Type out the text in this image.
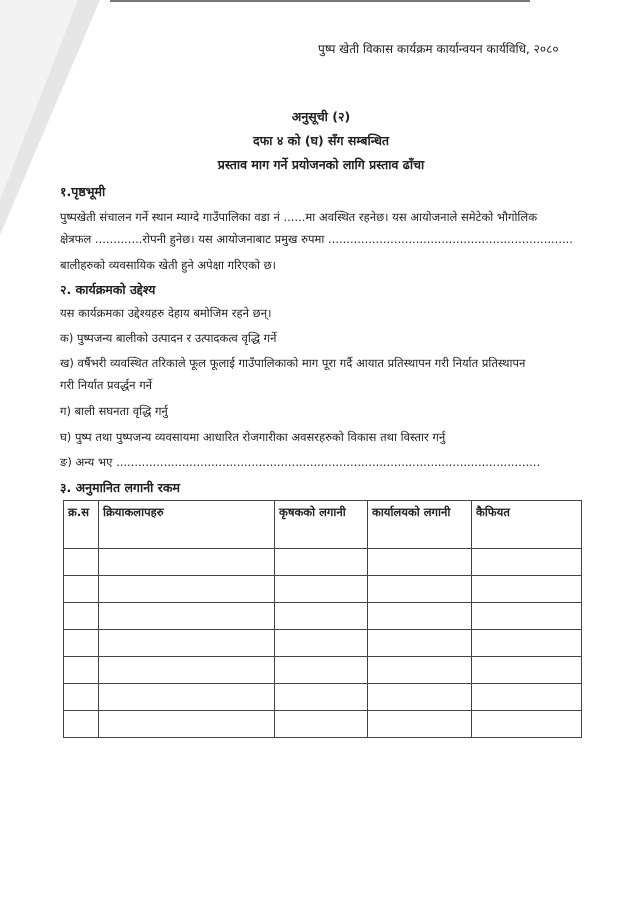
पुष्प खेती विकास कार्यक्रम कार्यान्वयन कार्यविधि, २०८०
अनुसूची (२)
दफा ४ को (घ) सँग सम्बन्धित
प्रस्ताव माग गर्ने प्रयोजनको लागि प्रस्ताव ढाँचा
१.पृष्ठभूमी
पुष्पखेती संचालन गर्ने स्थान म्याग्दे गाउँपालिका वडा नं ......मा अवस्थित रहनेछ। यस आयोजनाले समेटेको भौगोलिक
क्षेत्रफल .............रोपनी हुनेछ। यस आयोजनाबाट प्रमुख रुपमा ...................................................................
बालीहरुको व्यवसायिक खेती हुने अपेक्षा गरिएको छ।
२. कार्यक्रमको उद्देश्य
यस कार्यक्रमका उद्देश्यहरु देहाय बमोजिम रहने छन्।
क) पुष्पजन्य बालीको उत्पादन र उत्पादकत्व वृद्धि गर्ने
ख) वर्षैभरी व्यवस्थित तरिकाले फूल फूलाई गाउँपालिकाको माग पूरा गर्दै आयात प्रतिस्थापन गरी निर्यात प्रतिस्थापन
गरी निर्यात प्रवर्द्धन गर्ने
ग) बाली सघनता वृद्धि गर्नु
घ) पुष्प तथा पुष्पजन्य व्यवसायमा आधारित रोजगारीका अवसरहरुको विकास तथा विस्तार गर्नु
ङ) अन्य भए ....................................................................................................................
३. अनुमानित लगानी रकम
क्र.स	क्रियाकलापहरु	कृषकको लगानी	कार्यालयको लगानी	कैफियत
